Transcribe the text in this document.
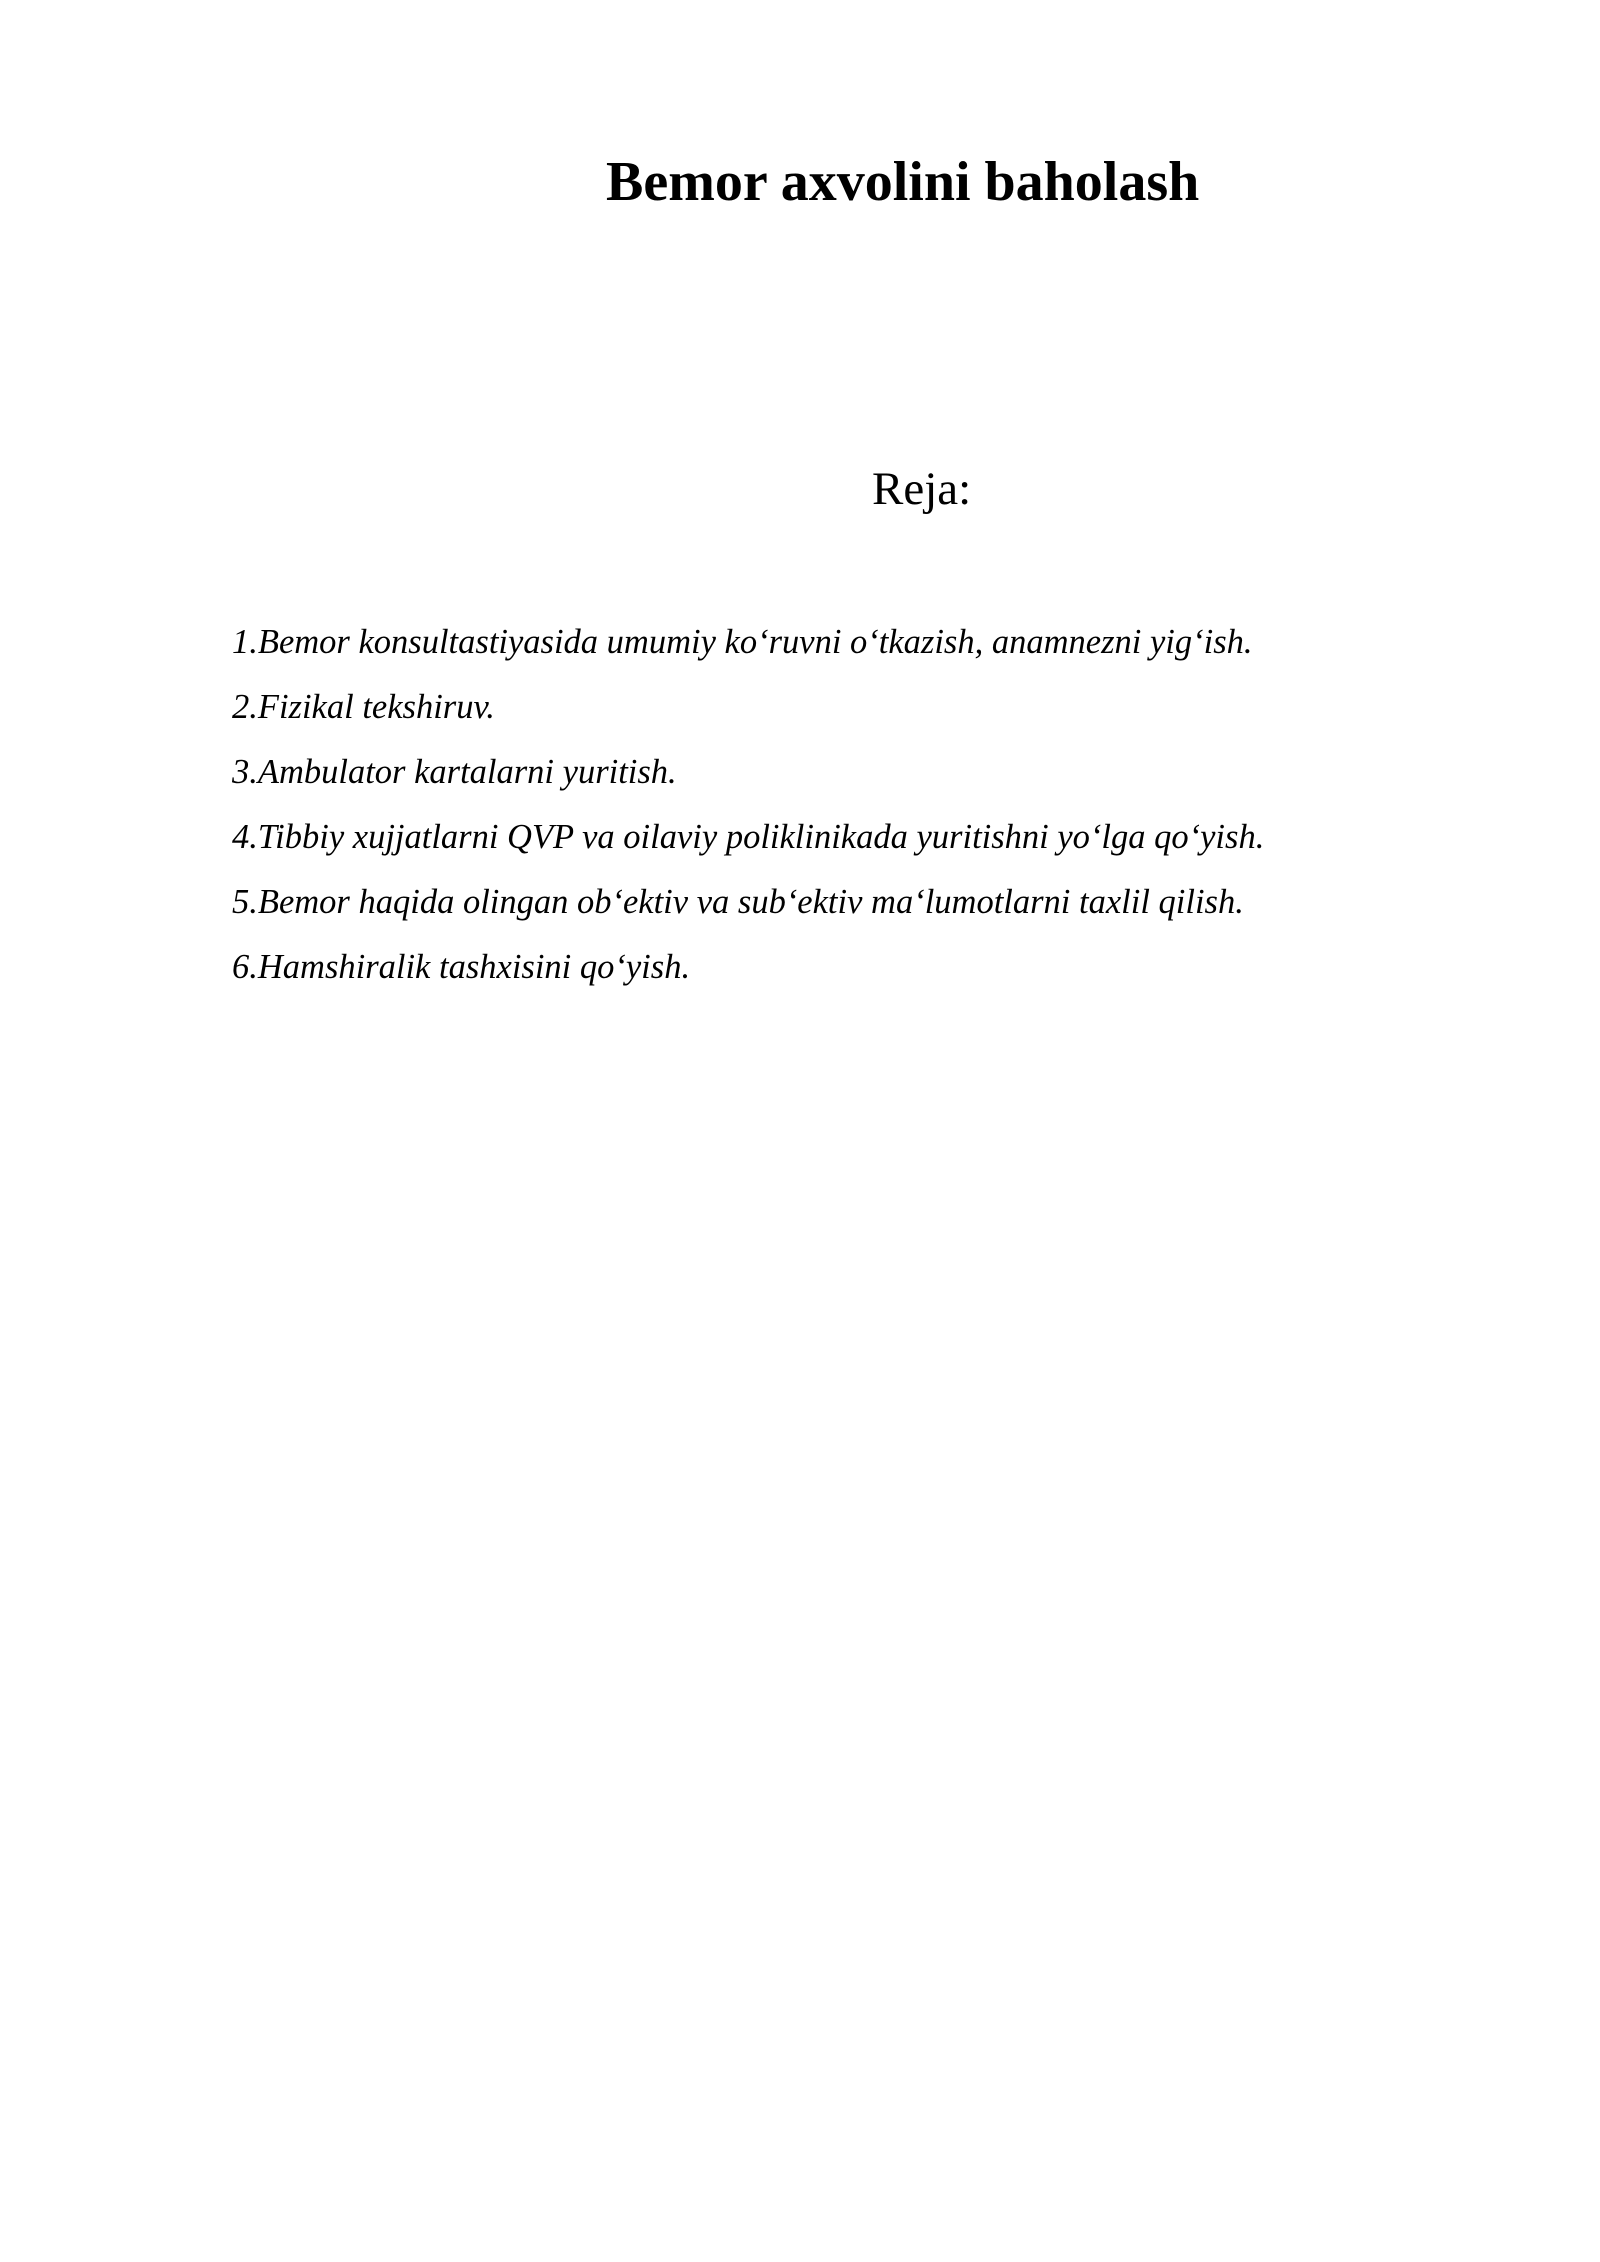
Bemor axvolini baholash
Reja:
1.Bemor konsultastiyasida umumiy ko‘ruvni o‘tkazish, anamnezni yig‘ish.
2.Fizikal tekshiruv.
3.Ambulator kartalarni yuritish.
4.Tibbiy xujjatlarni QVP va oilaviy poliklinikada yuritishni yo‘lga qo‘yish.
5.Bemor haqida olingan ob‘ektiv va sub‘ektiv ma‘lumotlarni taxlil qilish.
6.Hamshiralik tashxisini qo‘yish.
